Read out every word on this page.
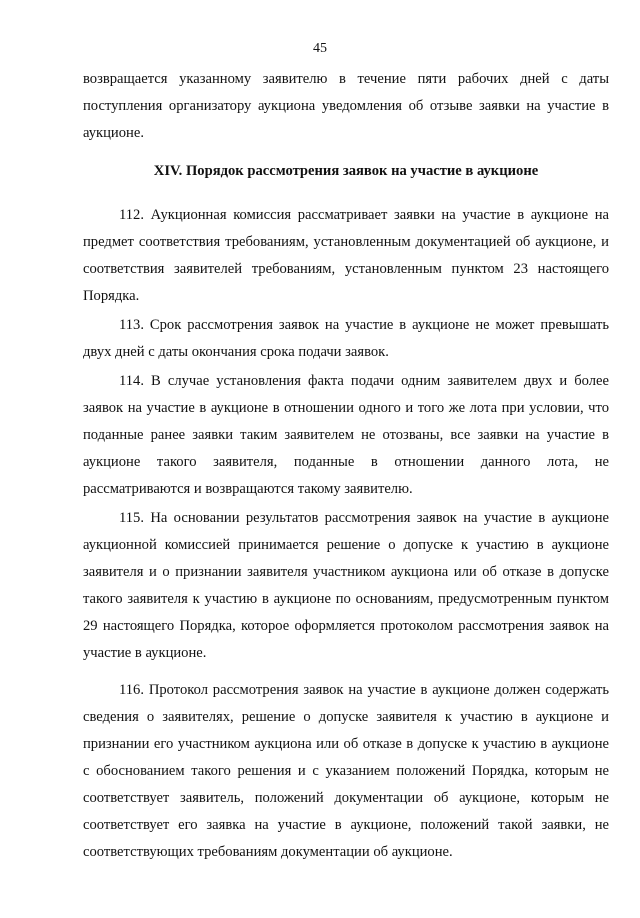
45

возвращается указанному заявителю в течение пяти рабочих дней с даты поступления организатору аукциона уведомления об отзыве заявки на участие в аукционе.

XIV. Порядок рассмотрения заявок на участие в аукционе

112. Аукционная комиссия рассматривает заявки на участие в аукционе на предмет соответствия требованиям, установленным документацией об аукционе, и соответствия заявителей требованиям, установленным пунктом 23 настоящего Порядка.

113. Срок рассмотрения заявок на участие в аукционе не может превышать двух дней с даты окончания срока подачи заявок.

114. В случае установления факта подачи одним заявителем двух и более заявок на участие в аукционе в отношении одного и того же лота при условии, что поданные ранее заявки таким заявителем не отозваны, все заявки на участие в аукционе такого заявителя, поданные в отношении данного лота, не рассматриваются и возвращаются такому заявителю.

115. На основании результатов рассмотрения заявок на участие в аукционе аукционной комиссией принимается решение о допуске к участию в аукционе заявителя и о признании заявителя участником аукциона или об отказе в допуске такого заявителя к участию в аукционе по основаниям, предусмотренным пунктом 29 настоящего Порядка, которое оформляется протоколом рассмотрения заявок на участие в аукционе.

116. Протокол рассмотрения заявок на участие в аукционе должен содержать сведения о заявителях, решение о допуске заявителя к участию в аукционе и признании его участником аукциона или об отказе в допуске к участию в аукционе с обоснованием такого решения и с указанием положений Порядка, которым не соответствует заявитель, положений документации об аукционе, которым не соответствует его заявка на участие в аукционе, положений такой заявки, не соответствующих требованиям документации об аукционе.
